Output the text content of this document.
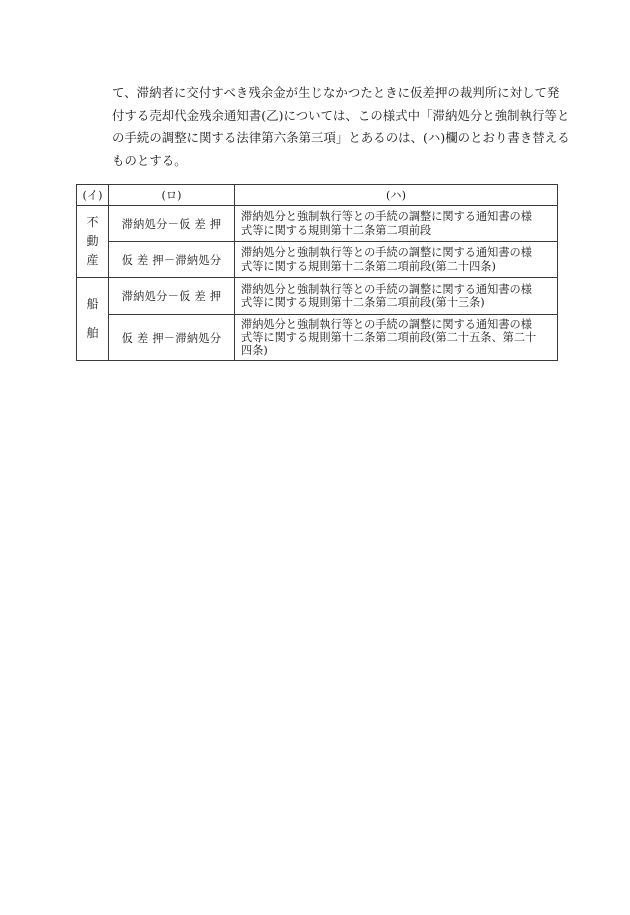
て、滞納者に交付すべき残余金が生じなかつたときに仮差押の裁判所に対して発
付する売却代金残余通知書(乙)については、この様式中「滞納処分と強制執行等と
の手続の調整に関する法律第六条第三項」とあるのは、(ハ)欄のとおり書き替える
ものとする。
(イ)	(ロ)	(ハ)

不
動
産	滞納処分－仮 差 押	滞納処分と強制執行等との手続の調整に関する通知書の様
式等に関する規則第十二条第二項前段

	仮 差 押－滞納処分	滞納処分と強制執行等との手続の調整に関する通知書の様
式等に関する規則第十二条第二項前段(第二十四条)

船
舶	滞納処分－仮 差 押	滞納処分と強制執行等との手続の調整に関する通知書の様
式等に関する規則第十二条第二項前段(第十三条)

	仮 差 押－滞納処分	滞納処分と強制執行等との手続の調整に関する通知書の様
式等に関する規則第十二条第二項前段(第二十五条、第二十
四条)
